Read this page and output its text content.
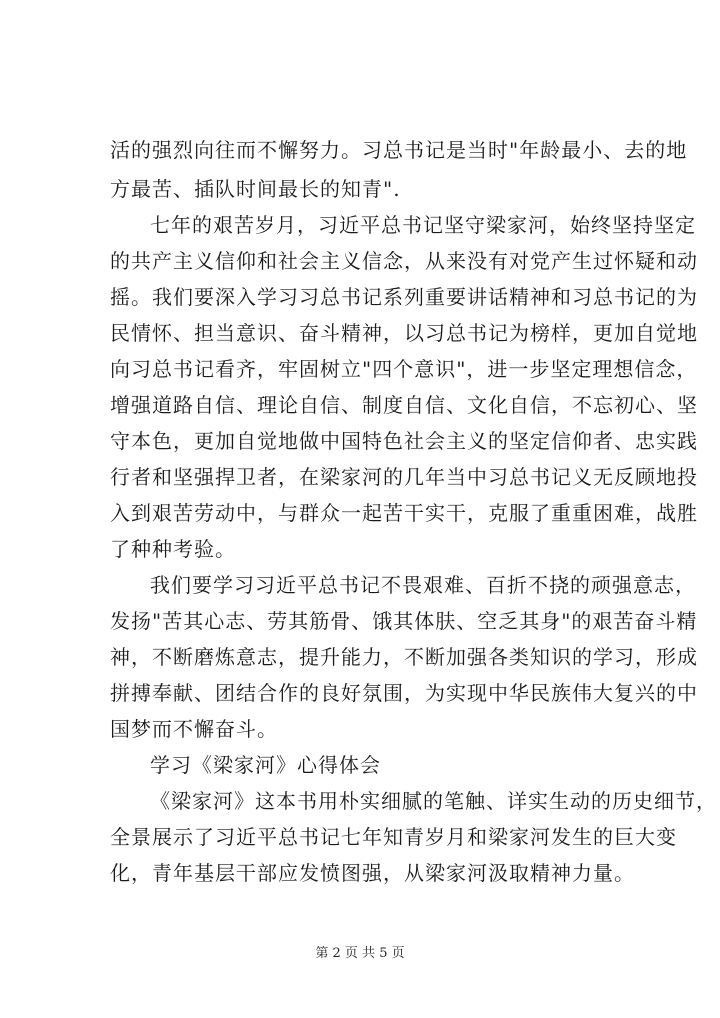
活的强烈向往而不懈努力。习总书记是当时"年龄最小、去的地
方最苦、插队时间最长的知青".
七年的艰苦岁月，习近平总书记坚守梁家河，始终坚持坚定
的共产主义信仰和社会主义信念，从来没有对党产生过怀疑和动
摇。我们要深入学习习总书记系列重要讲话精神和习总书记的为
民情怀、担当意识、奋斗精神，以习总书记为榜样，更加自觉地
向习总书记看齐，牢固树立"四个意识"，进一步坚定理想信念，
增强道路自信、理论自信、制度自信、文化自信，不忘初心、坚
守本色，更加自觉地做中国特色社会主义的坚定信仰者、忠实践
行者和坚强捍卫者，在梁家河的几年当中习总书记义无反顾地投
入到艰苦劳动中，与群众一起苦干实干，克服了重重困难，战胜
了种种考验。
我们要学习习近平总书记不畏艰难、百折不挠的顽强意志，
发扬"苦其心志、劳其筋骨、饿其体肤、空乏其身"的艰苦奋斗精
神，不断磨炼意志，提升能力，不断加强各类知识的学习，形成
拼搏奉献、团结合作的良好氛围，为实现中华民族伟大复兴的中
国梦而不懈奋斗。
学习《梁家河》心得体会
《梁家河》这本书用朴实细腻的笔触、详实生动的历史细节，
全景展示了习近平总书记七年知青岁月和梁家河发生的巨大变
化，青年基层干部应发愤图强，从梁家河汲取精神力量。
第 2 页 共 5 页
